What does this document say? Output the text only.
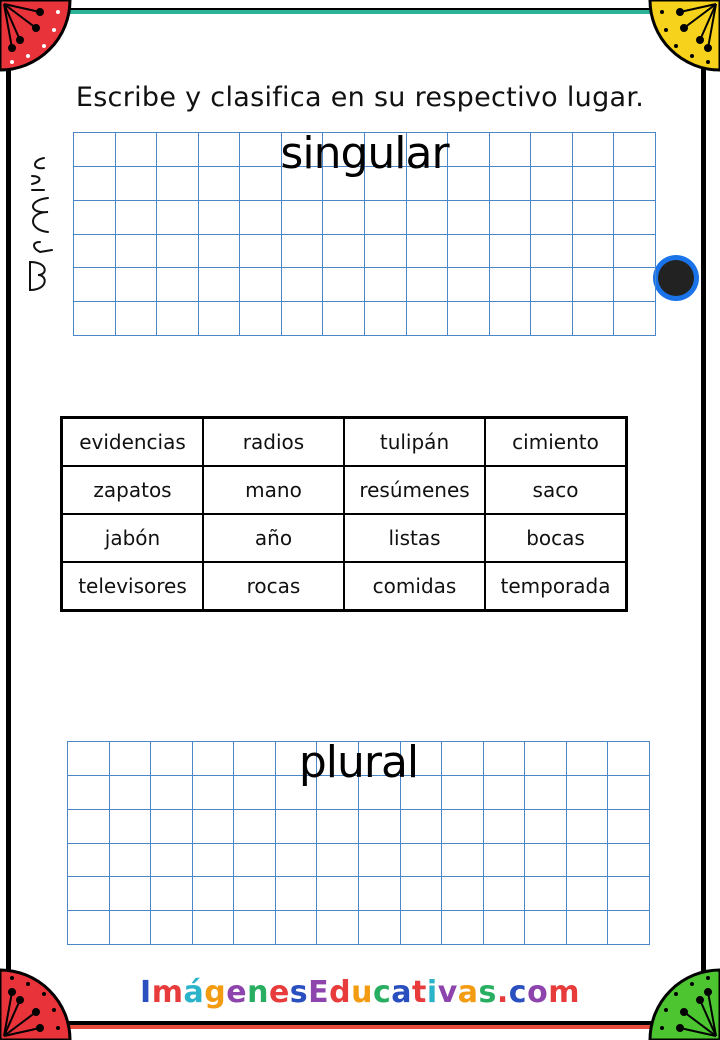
Escribe y clasifica en su respectivo lugar.
singular
evidencias	radios	tulipán	cimiento
zapatos	mano	resúmenes	saco
jabón	año	listas	bocas
televisores	rocas	comidas	temporada
plural
ImágenesEducativas.com
